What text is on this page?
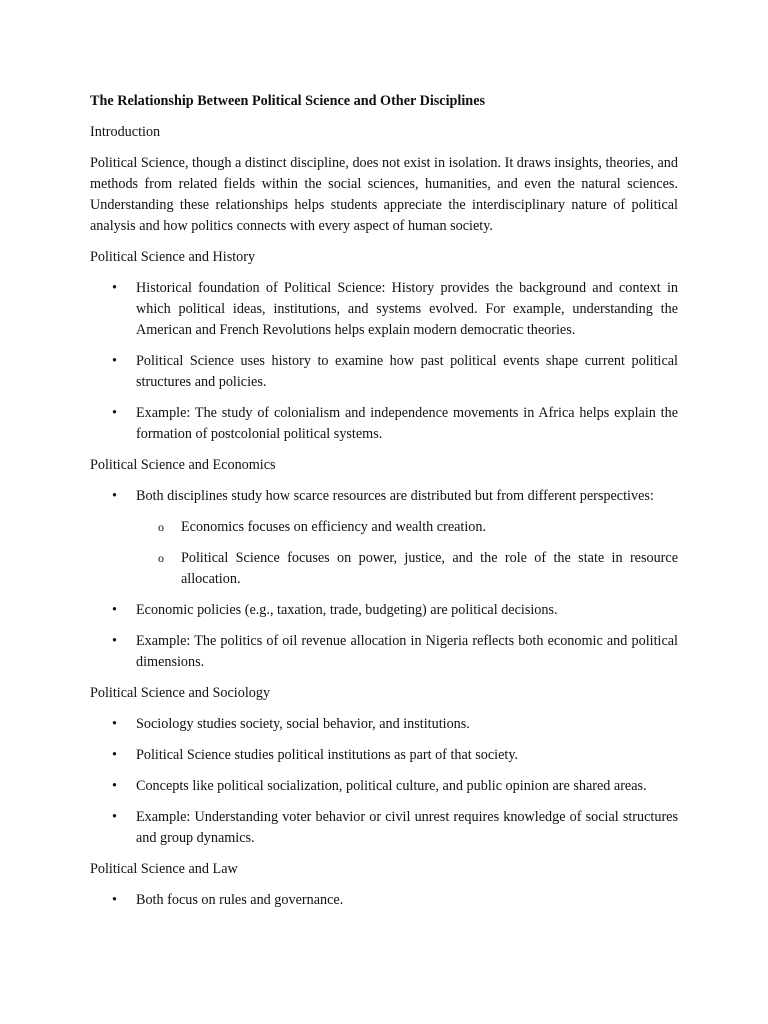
The Relationship Between Political Science and Other Disciplines
Introduction
Political Science, though a distinct discipline, does not exist in isolation. It draws insights, theories, and methods from related fields within the social sciences, humanities, and even the natural sciences. Understanding these relationships helps students appreciate the interdisciplinary nature of political analysis and how politics connects with every aspect of human society.
Political Science and History
•	Historical foundation of Political Science: History provides the background and context in which political ideas, institutions, and systems evolved. For example, understanding the American and French Revolutions helps explain modern democratic theories.
•	Political Science uses history to examine how past political events shape current political structures and policies.
•	Example: The study of colonialism and independence movements in Africa helps explain the formation of postcolonial political systems.
Political Science and Economics
•	Both disciplines study how scarce resources are distributed but from different perspectives:
o Economics focuses on efficiency and wealth creation.
o Political Science focuses on power, justice, and the role of the state in resource allocation.
•	Economic policies (e.g., taxation, trade, budgeting) are political decisions.
•	Example: The politics of oil revenue allocation in Nigeria reflects both economic and political dimensions.
Political Science and Sociology
•	Sociology studies society, social behavior, and institutions.
•	Political Science studies political institutions as part of that society.
•	Concepts like political socialization, political culture, and public opinion are shared areas.
•	Example: Understanding voter behavior or civil unrest requires knowledge of social structures and group dynamics.
Political Science and Law
•	Both focus on rules and governance.
